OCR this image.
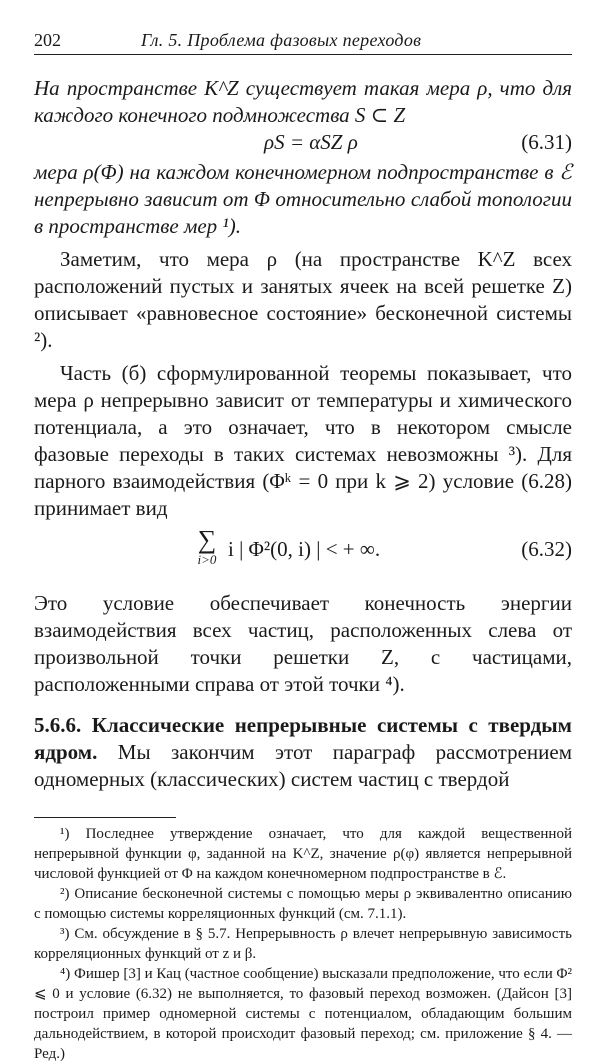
202	Гл. 5. Проблема фазовых переходов

На пространстве K^Z существует такая мера ρ, что для каждого конечного подмножества S ⊂ Z

ρS = αSZ ρ	(6.31)

мера ρ(Φ) на каждом конечномерном подпространстве в ℰ непрерывно зависит от Φ относительно слабой топологии в пространстве мер ¹).

Заметим, что мера ρ (на пространстве K^Z всех расположений пустых и занятых ячеек на всей решетке Z) описывает «равновесное состояние» бесконечной системы ²).

Часть (б) сформулированной теоремы показывает, что мера ρ непрерывно зависит от температуры и химического потенциала, а это означает, что в некотором смысле фазовые переходы в таких системах невозможны ³). Для парного взаимодействия (Φᵏ = 0 при k ⩾ 2) условие (6.28) принимает вид

∑
i>0 i | Φ²(0, i) | < + ∞.	(6.32)

Это условие обеспечивает конечность энергии взаимодействия всех частиц, расположенных слева от произвольной точки решетки Z, с частицами, расположенными справа от этой точки ⁴).

5.6.6. Классические непрерывные системы с твердым ядром. Мы закончим этот параграф рассмотрением одномерных (классических) систем частиц с твердой

¹) Последнее утверждение означает, что для каждой вещественной непрерывной функции φ, заданной на K^Z, значение ρ(φ) является непрерывной числовой функцией от Φ на каждом конечномерном подпространстве в ℰ.

²) Описание бесконечной системы с помощью меры ρ эквивалентно описанию с помощью системы корреляционных функций (см. 7.1.1).

³) См. обсуждение в § 5.7. Непрерывность ρ влечет непрерывную зависимость корреляционных функций от z и β.

⁴) Фишер [3] и Кац (частное сообщение) высказали предположение, что если Φ² ⩽ 0 и условие (6.32) не выполняется, то фазовый переход возможен. (Дайсон [3] построил пример одномерной системы с потенциалом, обладающим большим дальнодействием, в которой происходит фазовый переход; см. приложение § 4. — Ред.)
